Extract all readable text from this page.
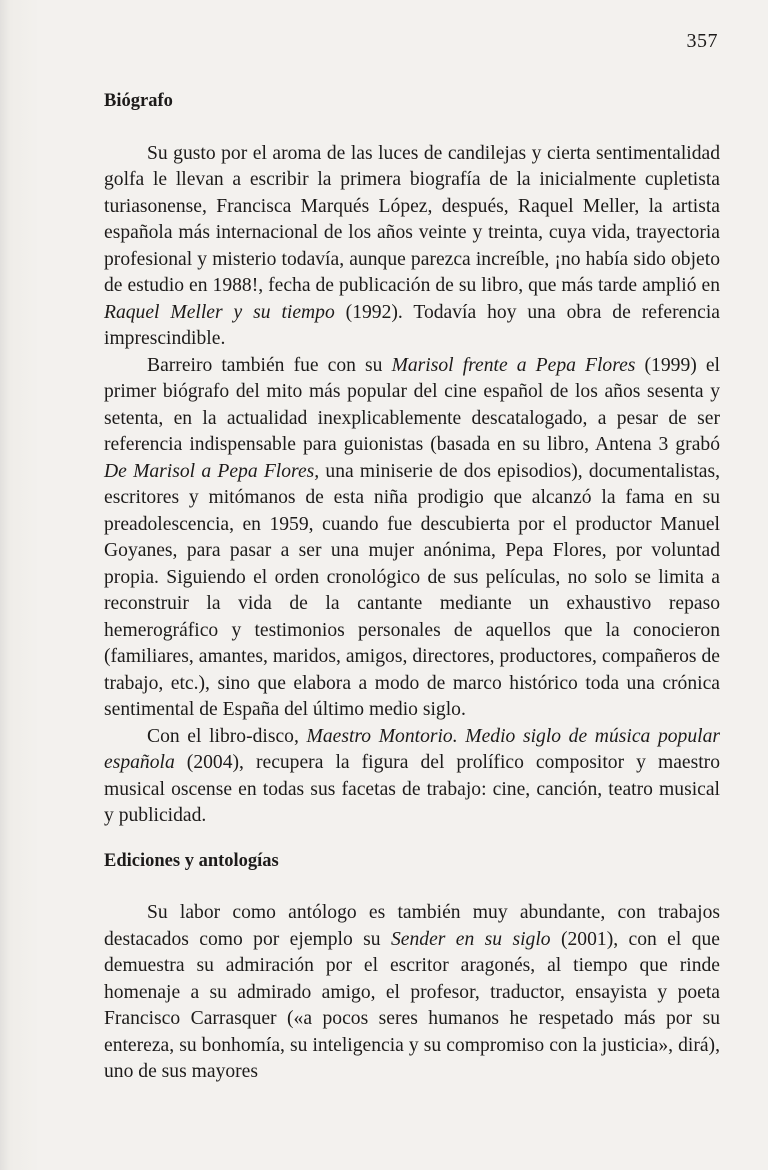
357
Biógrafo

Su gusto por el aroma de las luces de candilejas y cierta sentimentalidad golfa le llevan a escribir la primera biografía de la inicialmente cupletista turiasonense, Francisca Marqués López, después, Raquel Meller, la artista española más internacional de los años veinte y treinta, cuya vida, trayectoria profesional y misterio todavía, aunque parezca increíble, ¡no había sido objeto de estudio en 1988!, fecha de publicación de su libro, que más tarde amplió en Raquel Meller y su tiempo (1992). Todavía hoy una obra de referencia imprescindible.

Barreiro también fue con su Marisol frente a Pepa Flores (1999) el primer biógrafo del mito más popular del cine español de los años sesenta y setenta, en la actualidad inexplicablemente descatalogado, a pesar de ser referencia indispensable para guionistas (basada en su libro, Antena 3 grabó De Marisol a Pepa Flores, una miniserie de dos episodios), documentalistas, escritores y mitómanos de esta niña prodigio que alcanzó la fama en su preadolescencia, en 1959, cuando fue descubierta por el productor Manuel Goyanes, para pasar a ser una mujer anónima, Pepa Flores, por voluntad propia. Siguiendo el orden cronológico de sus películas, no solo se limita a reconstruir la vida de la cantante mediante un exhaustivo repaso hemerográfico y testimonios personales de aquellos que la conocieron (familiares, amantes, maridos, amigos, directores, productores, compañeros de trabajo, etc.), sino que elabora a modo de marco histórico toda una crónica sentimental de España del último medio siglo.

Con el libro-disco, Maestro Montorio. Medio siglo de música popular española (2004), recupera la figura del prolífico compositor y maestro musical oscense en todas sus facetas de trabajo: cine, canción, teatro musical y publicidad.

Ediciones y antologías

Su labor como antólogo es también muy abundante, con trabajos destacados como por ejemplo su Sender en su siglo (2001), con el que demuestra su admiración por el escritor aragonés, al tiempo que rinde homenaje a su admirado amigo, el profesor, traductor, ensayista y poeta Francisco Carrasquer («a pocos seres humanos he respetado más por su entereza, su bonhomía, su inteligencia y su compromiso con la justicia», dirá), uno de sus mayores
